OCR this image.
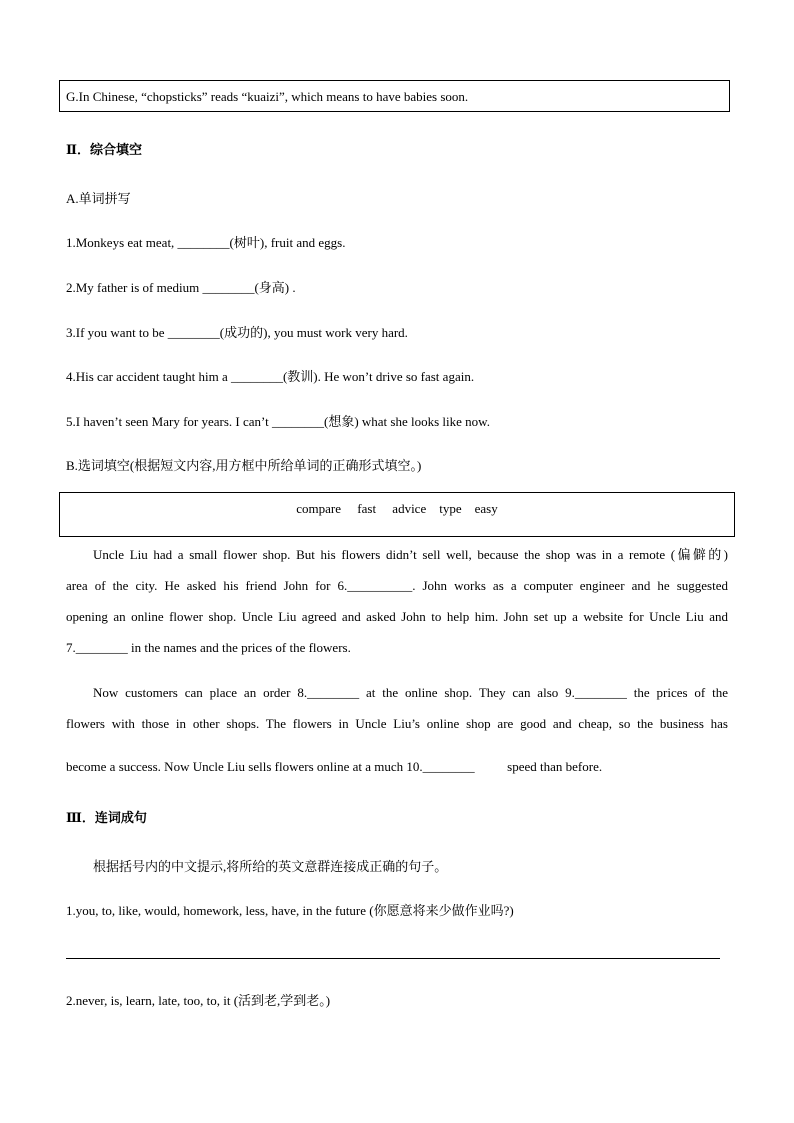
G.In Chinese, “chopsticks” reads “kuaizi”, which means to have babies soon.
Ⅱ．综合填空
A.单词拼写
1.Monkeys eat meat, ________(树叶), fruit and eggs.
2.My father is of medium ________(身高) .
3.If you want to be ________(成功的), you must work very hard.
4.His car accident taught him a ________(教训). He won’t drive so fast again.
5.I haven’t seen Mary for years. I can’t ________(想象) what she looks like now.
B.选词填空(根据短文内容,用方框中所给单词的正确形式填空。)
compare     fast     advice    type    easy
Uncle Liu had a small flower shop. But his flowers didn’t sell well, because the shop was in a remote (偏僻的)
area of the city. He asked his friend John for 6.__________. John works as a computer engineer and he suggested
opening an online flower shop. Uncle Liu agreed and asked John to help him. John set up a website for Uncle Liu and
7.________ in the names and the prices of the flowers.
Now customers can place an order 8.________ at the online shop. They can also 9.________ the prices of the
flowers with those in other shops. The flowers in Uncle Liu’s online shop are good and cheap, so the business has
become a success. Now Uncle Liu sells flowers online at a much 10.________          speed than before.
Ⅲ．连词成句
根据括号内的中文提示,将所给的英文意群连接成正确的句子。
1.you, to, like, would, homework, less, have, in the future (你愿意将来少做作业吗?)
2.never, is, learn, late, too, to, it (活到老,学到老。)
